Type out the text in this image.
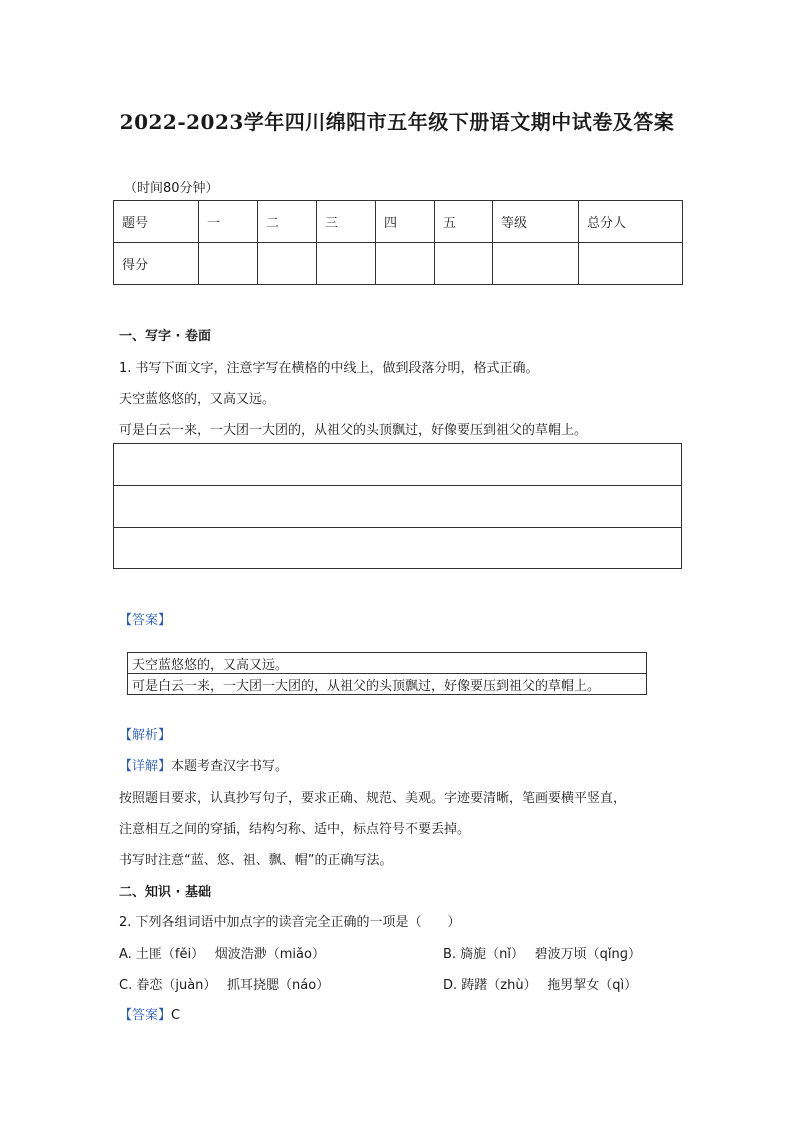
2022-2023学年四川绵阳市五年级下册语文期中试卷及答案
（时间80分钟）
题号	一	二	三	四	五	等级	总分人
得分							
一、写字 · 卷面
1. 书写下面文字，注意字写在横格的中线上，做到段落分明，格式正确。
天空蓝悠悠的，又高又远。
可是白云一来，一大团一大团的，从祖父的头顶飘过，好像要压到祖父的草帽上。
【答案】
天空蓝悠悠的，又高又远。
可是白云一来，一大团一大团的，从祖父的头顶飘过，好像要压到祖父的草帽上。
【解析】
【详解】本题考查汉字书写。
按照题目要求，认真抄写句子，要求正确、规范、美观。字迹要清晰，笔画要横平竖直，
注意相互之间的穿插，结构匀称、适中，标点符号不要丢掉。
书写时注意“蓝、悠、祖、飘、帽”的正确写法。
二、知识 · 基础
2. 下列各组词语中加点字的读音完全正确的一项是（　　）
A. 土匪（fěi）　 烟波浩渺（miǎo）	B. 旖旎（nǐ）　 碧波万顷（qǐnɡ）
C. 眷恋（juàn）　 抓耳挠腮（náo）	D. 踌躇（zhù）　 拖男挈女（qì）
【答案】C
